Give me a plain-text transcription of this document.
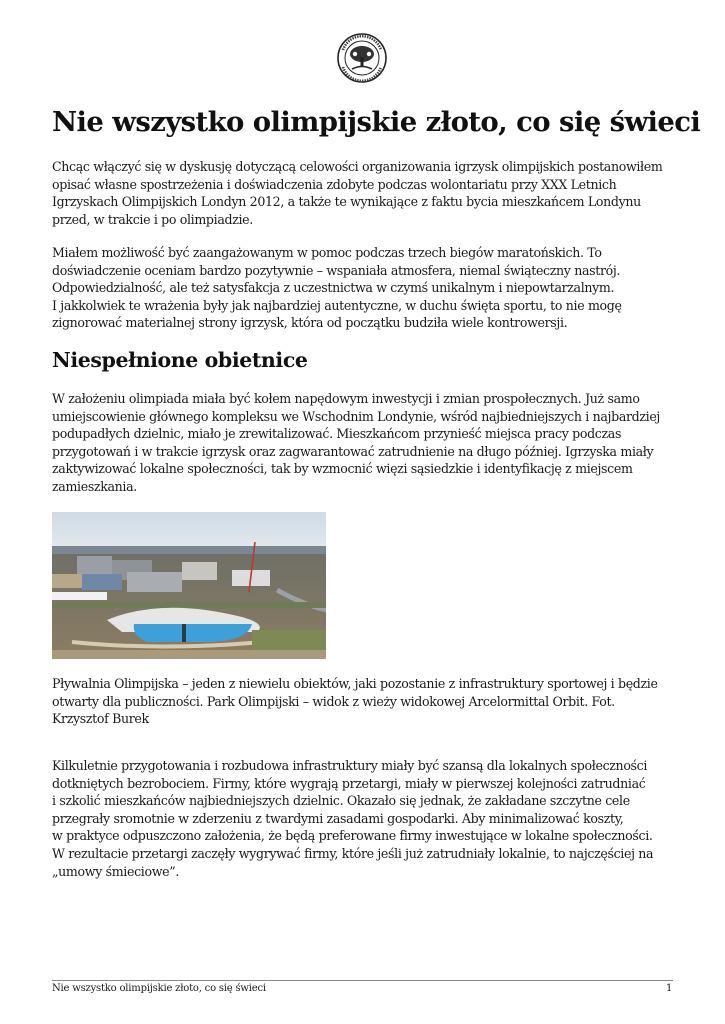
Nie wszystko olimpijskie złoto, co się świeci
Chcąc włączyć się w dyskusję dotyczącą celowości organizowania igrzysk olimpijskich postanowiłem
opisać własne spostrzeżenia i doświadczenia zdobyte podczas wolontariatu przy XXX Letnich
Igrzyskach Olimpijskich Londyn 2012, a także te wynikające z faktu bycia mieszkańcem Londynu
przed, w trakcie i po olimpiadzie.
Miałem możliwość być zaangażowanym w pomoc podczas trzech biegów maratońskich. To
doświadczenie oceniam bardzo pozytywnie – wspaniała atmosfera, niemal świąteczny nastrój.
Odpowiedzialność, ale też satysfakcja z uczestnictwa w czymś unikalnym i niepowtarzalnym.
I jakkolwiek te wrażenia były jak najbardziej autentyczne, w duchu święta sportu, to nie mogę
zignorować materialnej strony igrzysk, która od początku budziła wiele kontrowersji.
Niespełnione obietnice
W założeniu olimpiada miała być kołem napędowym inwestycji i zmian prospołecznych. Już samo
umiejscowienie głównego kompleksu we Wschodnim Londynie, wśród najbiedniejszych i najbardziej
podupadłych dzielnic, miało je zrewitalizować. Mieszkańcom przynieść miejsca pracy podczas
przygotowań i w trakcie igrzysk oraz zagwarantować zatrudnienie na długo później. Igrzyska miały
zaktywizować lokalne społeczności, tak by wzmocnić więzi sąsiedzkie i identyfikację z miejscem
zamieszkania.
Pływalnia Olimpijska – jeden z niewielu obiektów, jaki pozostanie z infrastruktury sportowej i będzie
otwarty dla publiczności. Park Olimpijski – widok z wieży widokowej Arcelormittal Orbit. Fot.
Krzysztof Burek
Kilkuletnie przygotowania i rozbudowa infrastruktury miały być szansą dla lokalnych społeczności
dotkniętych bezrobociem. Firmy, które wygrają przetargi, miały w pierwszej kolejności zatrudniać
i szkolić mieszkańców najbiedniejszych dzielnic. Okazało się jednak, że zakładane szczytne cele
przegrały sromotnie w zderzeniu z twardymi zasadami gospodarki. Aby minimalizować koszty,
w praktyce odpuszczono założenia, że będą preferowane firmy inwestujące w lokalne społeczności.
W rezultacie przetargi zaczęły wygrywać firmy, które jeśli już zatrudniały lokalnie, to najczęściej na
„umowy śmieciowe”.
Nie wszystko olimpijskie złoto, co się świeci	1
